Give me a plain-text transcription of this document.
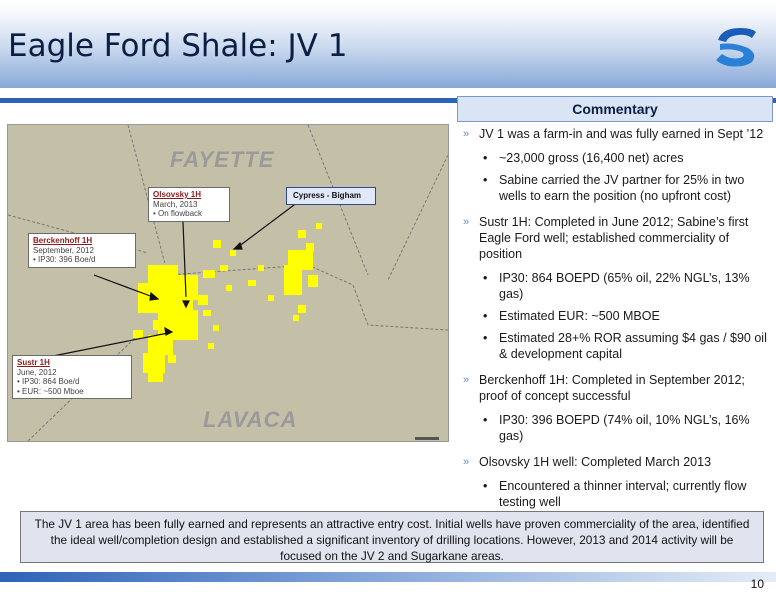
Eagle Ford Shale: JV 1
FAYETTE
LAVACA
Olsovsky 1H
March, 2013
• On flowback
Cypress - Bigham
Berckenhoff 1H
September, 2012
• IP30: 396 Boe/d
Sustr 1H
June, 2012
• IP30: 864 Boe/d
• EUR: ~500 Mboe
Commentary
» JV 1 was a farm-in and was fully earned in Sept ’12
• ~23,000 gross (16,400 net) acres
• Sabine carried the JV partner for 25% in two wells to earn the position (no upfront cost)
» Sustr 1H: Completed in June 2012; Sabine’s first Eagle Ford well; established commerciality of position
• IP30: 864 BOEPD (65% oil, 22% NGL’s, 13% gas)
• Estimated EUR: ~500 MBOE
• Estimated 28+% ROR assuming $4 gas / $90 oil & development capital
» Berckenhoff 1H: Completed in September 2012; proof of concept successful
• IP30: 396 BOEPD (74% oil, 10% NGL’s, 16% gas)
» Olsovsky 1H well: Completed March 2013
• Encountered a thinner interval; currently flow testing well
The JV 1 area has been fully earned and represents an attractive entry cost. Initial wells have proven commerciality of the area, identified the ideal well/completion design and established a significant inventory of drilling locations. However, 2013 and 2014 activity will be focused on the JV 2 and Sugarkane areas.
10
